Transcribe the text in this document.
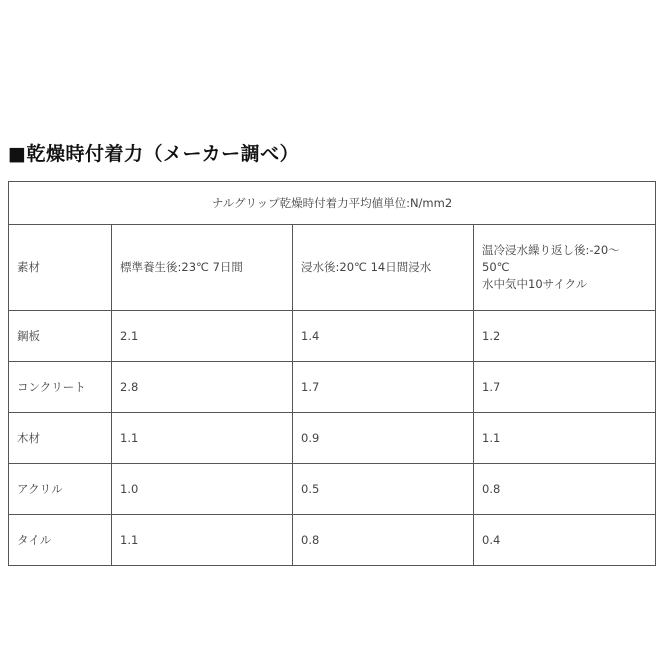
■乾燥時付着力（メーカー調べ）
ナルグリップ乾燥時付着力平均値単位:N/mm2			
素材	標準養生後:23℃ 7日間	浸水後:20℃ 14日間浸水	温冷浸水繰り返し後:-20～
50℃
水中気中10サイクル

鋼板	2.1	1.4	1.2
コンクリート	2.8	1.7	1.7
木材	1.1	0.9	1.1
アクリル	1.0	0.5	0.8
タイル	1.1	0.8	0.4
